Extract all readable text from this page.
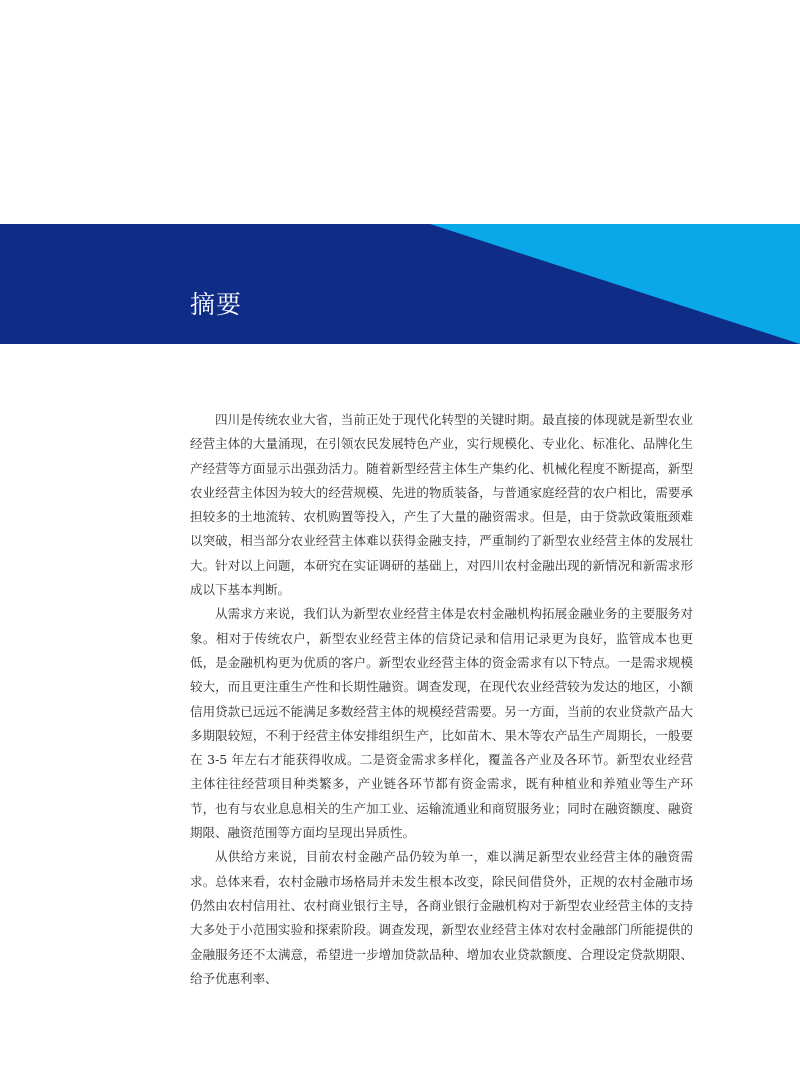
摘要

四川是传统农业大省，当前正处于现代化转型的关键时期。最直接的体现就是新型农业经营主体的大量涌现，在引领农民发展特色产业，实行规模化、专业化、标准化、品牌化生产经营等方面显示出强劲活力。随着新型经营主体生产集约化、机械化程度不断提高，新型农业经营主体因为较大的经营规模、先进的物质装备，与普通家庭经营的农户相比，需要承担较多的土地流转、农机购置等投入，产生了大量的融资需求。但是，由于贷款政策瓶颈难以突破，相当部分农业经营主体难以获得金融支持，严重制约了新型农业经营主体的发展壮大。针对以上问题，本研究在实证调研的基础上，对四川农村金融出现的新情况和新需求形成以下基本判断。

从需求方来说，我们认为新型农业经营主体是农村金融机构拓展金融业务的主要服务对象。相对于传统农户，新型农业经营主体的信贷记录和信用记录更为良好，监管成本也更低，是金融机构更为优质的客户。新型农业经营主体的资金需求有以下特点。一是需求规模较大，而且更注重生产性和长期性融资。调查发现，在现代农业经营较为发达的地区，小额信用贷款已远远不能满足多数经营主体的规模经营需要。另一方面，当前的农业贷款产品大多期限较短，不利于经营主体安排组织生产，比如苗木、果木等农产品生产周期长，一般要在 3-5 年左右才能获得收成。二是资金需求多样化，覆盖各产业及各环节。新型农业经营主体往往经营项目种类繁多，产业链各环节都有资金需求，既有种植业和养殖业等生产环节，也有与农业息息相关的生产加工业、运输流通业和商贸服务业；同时在融资额度、融资期限、融资范围等方面均呈现出异质性。

从供给方来说，目前农村金融产品仍较为单一，难以满足新型农业经营主体的融资需求。总体来看，农村金融市场格局并未发生根本改变，除民间借贷外，正规的农村金融市场仍然由农村信用社、农村商业银行主导，各商业银行金融机构对于新型农业经营主体的支持大多处于小范围实验和探索阶段。调查发现，新型农业经营主体对农村金融部门所能提供的金融服务还不太满意，希望进一步增加贷款品种、增加农业贷款额度、合理设定贷款期限、给予优惠利率、
